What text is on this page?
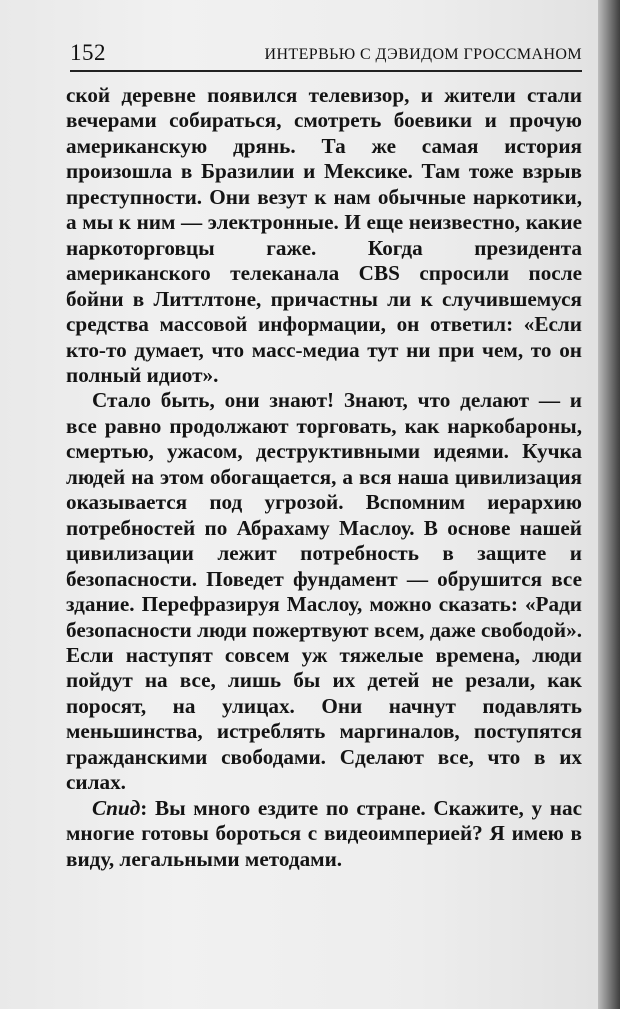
152	ИНТЕРВЬЮ С ДЭВИДОМ ГРОССМАНОМ

ской деревне появился телевизор, и жители стали вечерами собираться, смотреть боевики и прочую американскую дрянь. Та же самая история произошла в Бразилии и Мексике. Там тоже взрыв преступности. Они везут к нам обычные наркотики, а мы к ним — электронные. И еще неизвестно, какие наркоторговцы гаже. Когда президента американского телеканала CBS спросили после бойни в Литтлтоне, причастны ли к случившемуся средства массовой информации, он ответил: «Если кто-то думает, что масс-медиа тут ни при чем, то он полный идиот».

Стало быть, они знают! Знают, что делают — и все равно продолжают торговать, как наркобароны, смертью, ужасом, деструктивными идеями. Кучка людей на этом обогащается, а вся наша цивилизация оказывается под угрозой. Вспомним иерархию потребностей по Абрахаму Маслоу. В основе нашей цивилизации лежит потребность в защите и безопасности. Поведет фундамент — обрушится все здание. Перефразируя Маслоу, можно сказать: «Ради безопасности люди пожертвуют всем, даже свободой». Если наступят совсем уж тяжелые времена, люди пойдут на все, лишь бы их детей не резали, как поросят, на улицах. Они начнут подавлять меньшинства, истреблять маргиналов, поступятся гражданскими свободами. Сделают все, что в их силах.

Спид: Вы много ездите по стране. Скажите, у нас многие готовы бороться с видеоимперией? Я имею в виду, легальными методами.
